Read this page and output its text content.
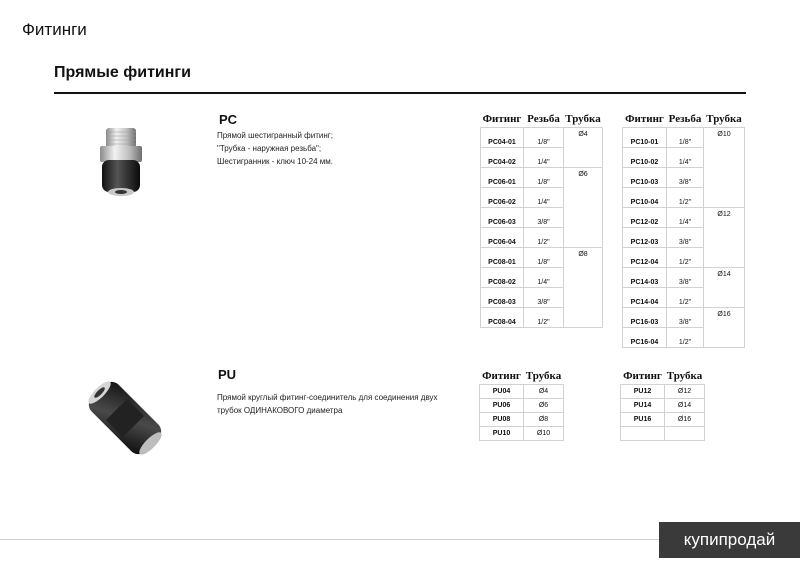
Фитинги
Прямые фитинги
PC
Прямой шестигранный фитинг;
"Трубка - наружная резьба";
Шестигранник - ключ 10-24 мм.
Фитинг	Резьба	Трубка
PC04-01	1/8"	Ø4
PC04-02	1/4"	
PC06-01	1/8"	Ø6
PC06-02	1/4"	
PC06-03	3/8"	
PC06-04	1/2"	
PC08-01	1/8"	Ø8
PC08-02	1/4"	
PC08-03	3/8"	
PC08-04	1/2"	
Фитинг	Резьба	Трубка
PC10-01	1/8"	Ø10
PC10-02	1/4"	
PC10-03	3/8"	
PC10-04	1/2"	
PC12-02	1/4"	Ø12
PC12-03	3/8"	
PC12-04	1/2"	
PC14-03	3/8"	Ø14
PC14-04	1/2"	
PC16-03	3/8"	Ø16
PC16-04	1/2"	
PU
Прямой круглый фитинг-соединитель для соединения двух
трубок ОДИНАКОВОГО диаметра
Фитинг	Трубка
PU04	Ø4
PU06	Ø6
PU08	Ø8
PU10	Ø10
Фитинг	Трубка
PU12	Ø12
PU14	Ø14
PU16	Ø16

купипродай
